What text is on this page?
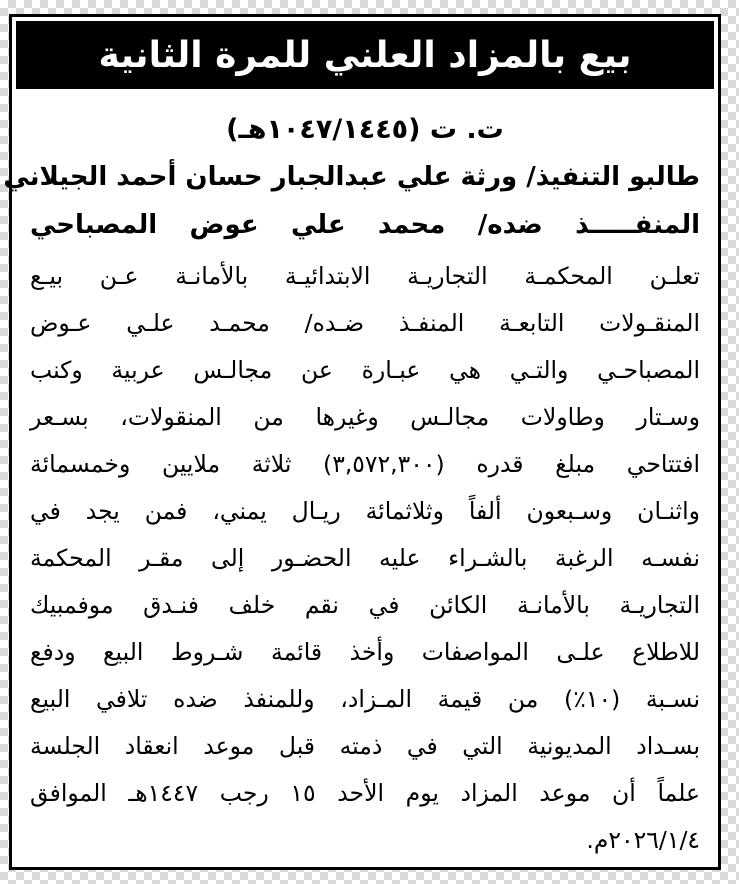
بيع بالمزاد العلني للمرة الثانية
ت. ت (١٠٤٧/١٤٤٥هـ)
طالبو التنفيذ/ ورثة علي عبدالجبار حسان أحمد الجيلاني
المنفـــــذ ضده/ محمد علي عوض المصباحي
تعلـن المحكمـة التجاريـة الابتدائيـة بالأمانـة عـن بيـع
المنقـولات التابعـة المنفـذ ضـده/ محمـد علـي عـوض
المصباحـي والتـي هي عبـارة عن مجالـس عربية وكنب
وسـتار وطاولات مجالـس وغيرها من المنقولات، بسـعر
افتتاحي مبلغ قدره (٣,٥٧٢,٣٠٠) ثلاثة ملايين وخمسمائة
واثنـان وسـبعون ألفاً وثلاثمائة ريـال يمني، فمن يجد في
نفسـه الرغبة بالشـراء عليه الحضـور إلى مقـر المحكمة
التجاريـة بالأمانـة الكائن في نقم خلف فنـدق موفمبيك
للاطلاع علـى المواصفات وأخذ قائمة شـروط البيع ودفع
نسـبة (١٠٪) من قيمة المـزاد، وللمنفذ ضده تلافي البيع
بسـداد المديونية التي في ذمته قبل موعد انعقاد الجلسة
علماً أن موعد المزاد يوم الأحد ١٥ رجب ١٤٤٧هـ الموافق
٢٠٢٦/١/٤م.
